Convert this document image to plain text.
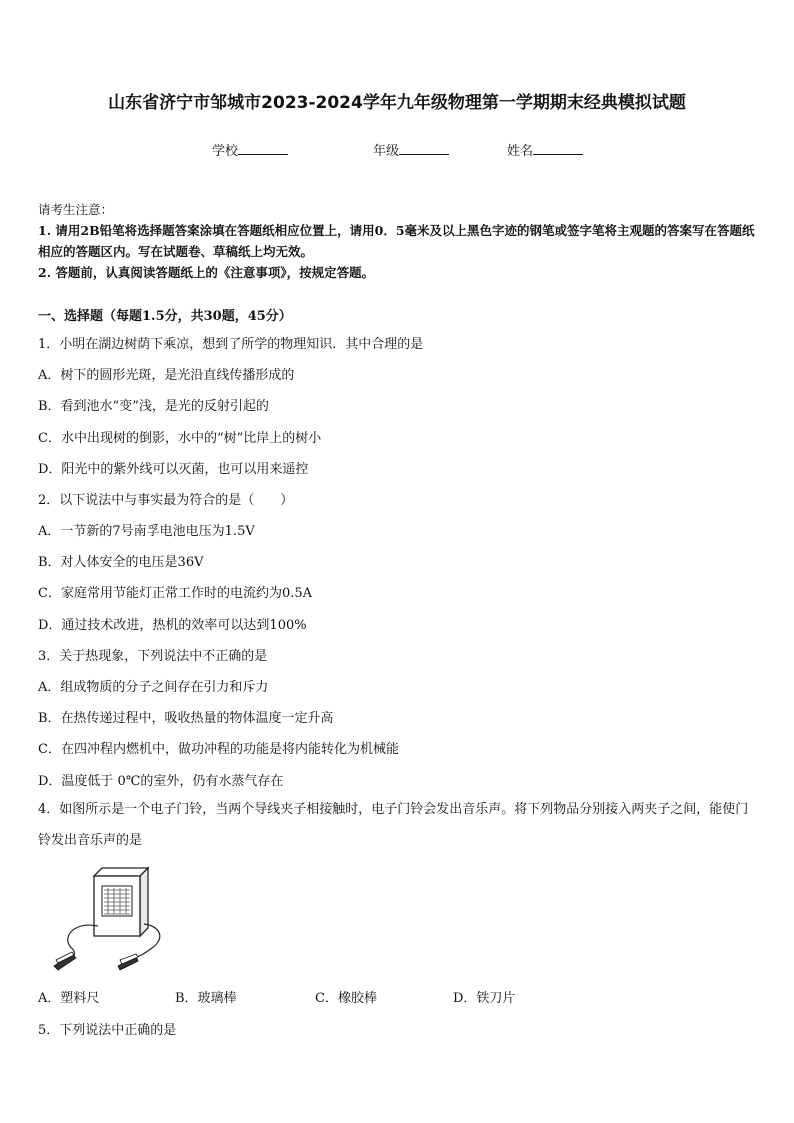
山东省济宁市邹城市2023-2024学年九年级物理第一学期期末经典模拟试题
学校	年级	姓名
请考生注意：
1. 请用2B铅笔将选择题答案涂填在答题纸相应位置上，请用0．5毫米及以上黑色字迹的钢笔或签字笔将主观题的答案写在答题纸相应的答题区内。写在试题卷、草稿纸上均无效。
2. 答题前，认真阅读答题纸上的《注意事项》，按规定答题。
一、选择题（每题1.5分，共30题，45分）
1．小明在湖边树荫下乘凉，想到了所学的物理知识．其中合理的是
A．树下的圆形光斑，是光沿直线传播形成的
B．看到池水“变”浅，是光的反射引起的
C．水中出现树的倒影，水中的“树”比岸上的树小
D．阳光中的紫外线可以灭菌，也可以用来遥控
2．以下说法中与事实最为符合的是（　　）
A．一节新的7号南孚电池电压为1.5V
B．对人体安全的电压是36V
C．家庭常用节能灯正常工作时的电流约为0.5A
D．通过技术改进，热机的效率可以达到100%
3．关于热现象，下列说法中不正确的是
A．组成物质的分子之间存在引力和斥力
B．在热传递过程中，吸收热量的物体温度一定升高
C．在四冲程内燃机中，做功冲程的功能是将内能转化为机械能
D．温度低于 0℃的室外，仍有水蒸气存在
4．如图所示是一个电子门铃，当两个导线夹子相接触时，电子门铃会发出音乐声。将下列物品分别接入两夹子之间，能使门铃发出音乐声的是
A．塑料尺	B．玻璃棒	C．橡胶棒	D．铁刀片
5．下列说法中正确的是
